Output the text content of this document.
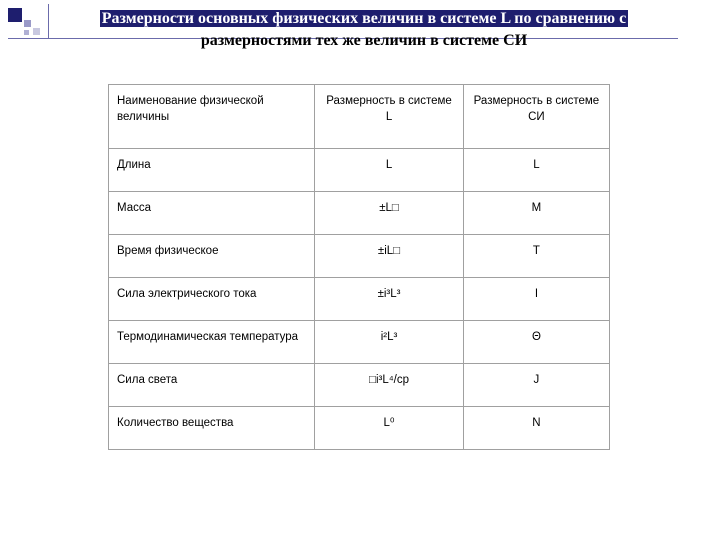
Размерности основных физических величин в системе L по сравнению с
размерностями тех же величин в системе СИ
Наименование физической величины	Размерность в системе L	Размерность в системе СИ
Длина	L	L
Масса	±L□	M
Время физическое	±iL□	T
Сила электрического тока	±i³L³	I
Термодинамическая температура	i²L³	Θ
Сила света	□i³L⁴/ср	J
Количество вещества	L⁰	N
